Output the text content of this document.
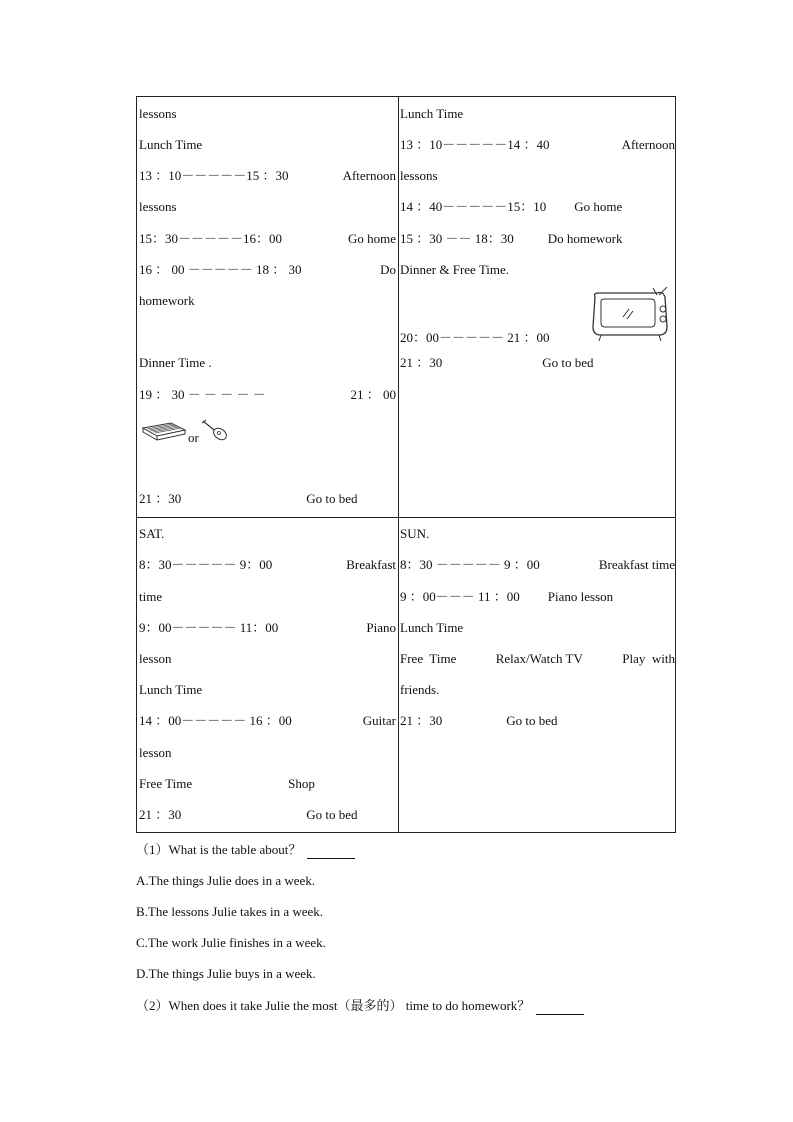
lessons
Lunch Time
13 ：10－－－－－15 ：30	Afternoon
lessons
15：30－－－－－16：00	Go home
16 ： 00 －－－－－ 18 ： 30	Do
homework
Dinner Time .
19 ： 30 － － － － －	21 ： 00
or
21 ：30	Go to bed
Lunch Time
13 ：10－－－－－14 ：40	Afternoon
lessons
14 ：40－－－－－15：10 Go home
15 ：30 －－ 18：30	Do homework
Dinner & Free Time.
20：00－－－－－ 21 ：00
21 ：30	Go to bed
SAT.
8：30－－－－－ 9：00	Breakfast
time
9：00－－－－－ 11：00	Piano
lesson
Lunch Time
14 ：00－－－－－ 16 ：00	Guitar
lesson
Free Time	Shop
21 ：30	Go to bed
SUN.
8：30 －－－－－ 9 ：00	Breakfast time
9 ：00－－－ 11 ：00 Piano lesson
Lunch Time
Free  Time	Relax/Watch TV	Play  with
friends.
21 ：30	Go to bed
（1）What is the table about？
A.The things Julie does in a week.
B.The lessons Julie takes in a week.
C.The work Julie finishes in a week.
D.The things Julie buys in a week.
（2）When does it take Julie the most（最多的） time to do homework？
